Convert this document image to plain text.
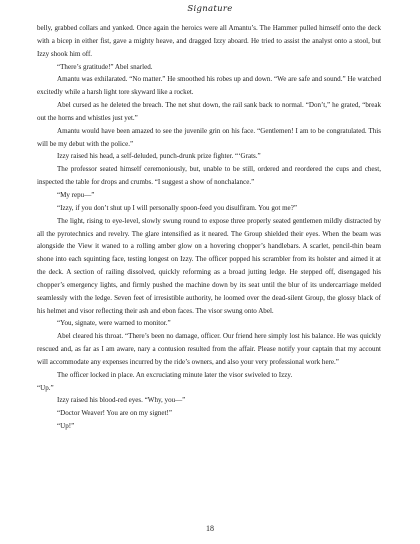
Signature

belly, grabbed collars and yanked. Once again the heroics were all Amantu’s. The Hammer pulled himself onto the deck with a bicep in either fist, gave a mighty heave, and dragged Izzy aboard. He tried to assist the analyst onto a stool, but Izzy shook him off.

“There’s gratitude!” Abel snarled.

Amantu was exhilarated. “No matter.” He smoothed his robes up and down. “We are safe and sound.” He watched excitedly while a harsh light tore skyward like a rocket.

Abel cursed as he deleted the breach. The net shut down, the rail sank back to normal. “Don’t,” he grated, “break out the horns and whistles just yet.”

Amantu would have been amazed to see the juvenile grin on his face. “Gentlemen! I am to be congratulated. This will be my debut with the police.”

Izzy raised his head, a self-deluded, punch-drunk prize fighter. “‘Grats.”

The professor seated himself ceremoniously, but, unable to be still, ordered and reordered the cups and chest, inspected the table for drops and crumbs. “I suggest a show of nonchalance.”

“My repu—”

“Izzy, if you don’t shut up I will personally spoon-feed you disulfiram. You got me?”

The light, rising to eye-level, slowly swung round to expose three properly seated gentlemen mildly distracted by all the pyrotechnics and revelry. The glare intensified as it neared. The Group shielded their eyes. When the beam was alongside the View it waned to a rolling amber glow on a hovering chopper’s handlebars. A scarlet, pencil-thin beam shone into each squinting face, testing longest on Izzy. The officer popped his scrambler from its holster and aimed it at the deck. A section of railing dissolved, quickly reforming as a broad jutting ledge. He stepped off, disengaged his chopper’s emergency lights, and firmly pushed the machine down by its seat until the blur of its undercarriage melded seamlessly with the ledge. Seven feet of irresistible authority, he loomed over the dead-silent Group, the glossy black of his helmet and visor reflecting their ash and ebon faces. The visor swung onto Abel.

“You, signate, were warned to monitor.”

Abel cleared his throat. “There’s been no damage, officer. Our friend here simply lost his balance. He was quickly rescued and, as far as I am aware, nary a contusion resulted from the affair. Please notify your captain that my account will accommodate any expenses incurred by the ride’s owners, and also your very professional work here.”

The officer locked in place. An excruciating minute later the visor swiveled to Izzy.

“Up.”

Izzy raised his blood-red eyes. “Why, you—”

“Doctor Weaver! You are on my signet!”

“Up!”

18
